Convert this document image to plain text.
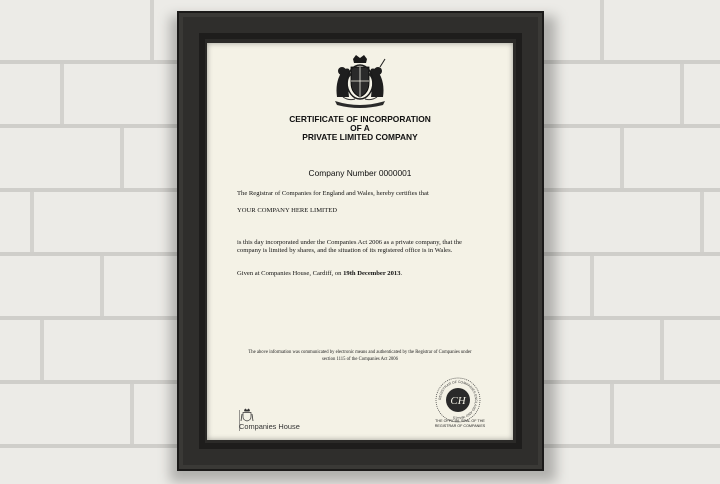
CERTIFICATE OF INCORPORATION
OF A
PRIVATE LIMITED COMPANY
Company Number 0000001
The Registrar of Companies for England and Wales, hereby certifies that
YOUR COMPANY HERE LIMITED
is this day incorporated under the Companies Act 2006 as a private company, that the company is limited by shares, and the situation of its registered office is in Wales.
Given at Companies House, Cardiff, on 19th December 2013.
The above information was communicated by electronic means and authenticated by the Registrar of Companies under section 1115 of the Companies Act 2006
Companies House
REGISTRAR OF COMPANIES ENGLAND AND WALES
CH
THE OFFICIAL SEAL OF THE
REGISTRAR OF COMPANIES
